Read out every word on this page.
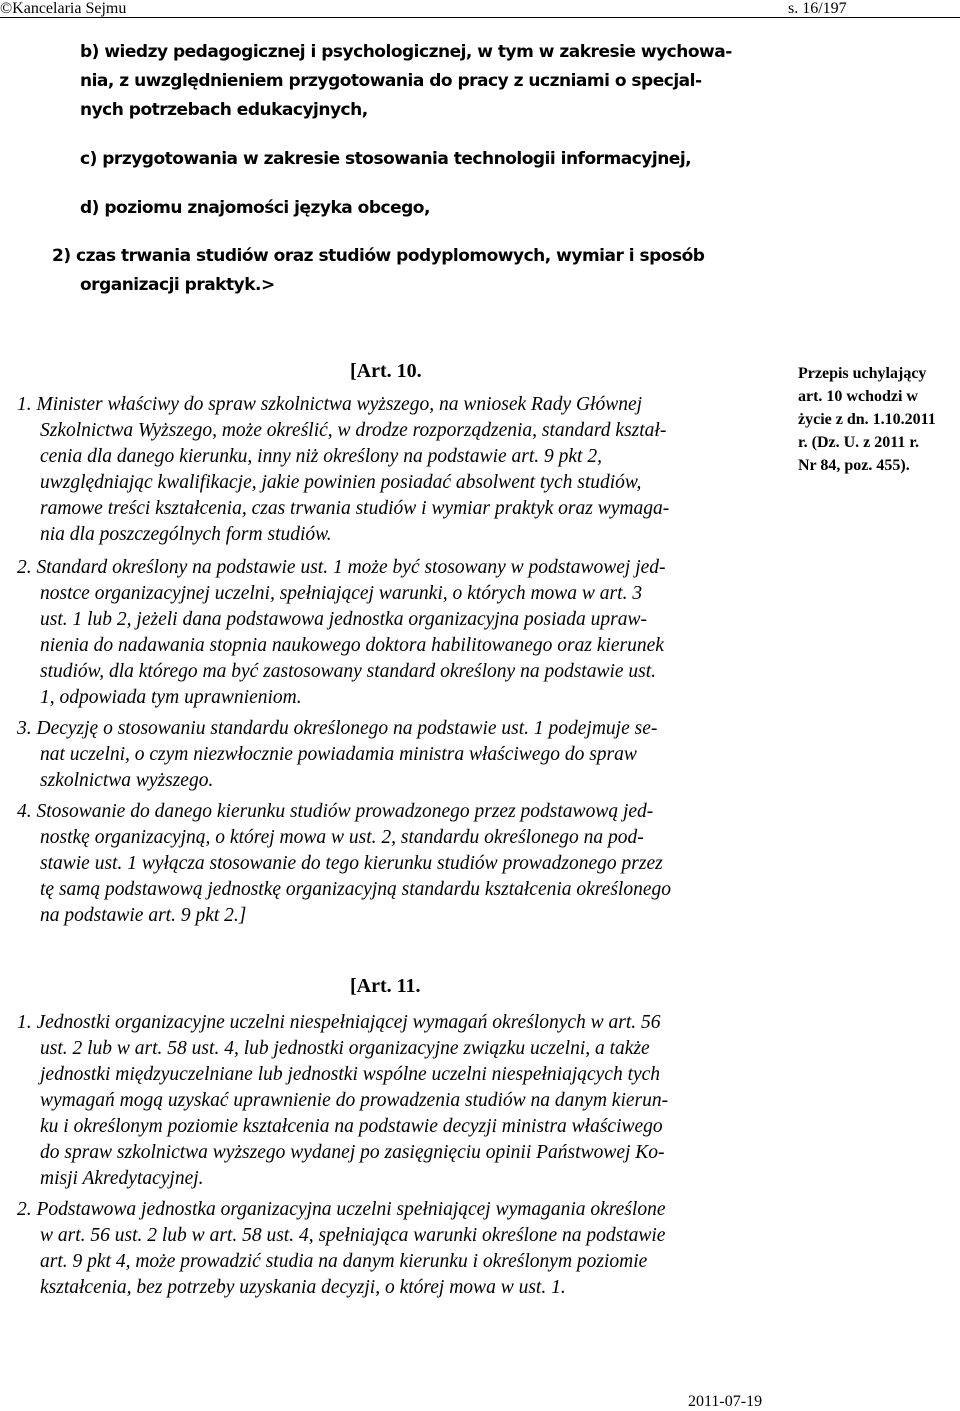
©Kancelaria Sejmu	s. 16/197
b) wiedzy pedagogicznej i psychologicznej, w tym w zakresie wychowa-
nia, z uwzględnieniem przygotowania do pracy z uczniami o specjal-
nych potrzebach edukacyjnych,
c) przygotowania w zakresie stosowania technologii informacyjnej,
d) poziomu znajomości języka obcego,
2) czas trwania studiów oraz studiów podyplomowych, wymiar i sposób
organizacji praktyk.>
[Art. 10.
1. Minister właściwy do spraw szkolnictwa wyższego, na wniosek Rady Głównej
Szkolnictwa Wyższego, może określić, w drodze rozporządzenia, standard kształ-
cenia dla danego kierunku, inny niż określony na podstawie art. 9 pkt 2,
uwzględniając kwalifikacje, jakie powinien posiadać absolwent tych studiów,
ramowe treści kształcenia, czas trwania studiów i wymiar praktyk oraz wymaga-
nia dla poszczególnych form studiów.
2. Standard określony na podstawie ust. 1 może być stosowany w podstawowej jed-
nostce organizacyjnej uczelni, spełniającej warunki, o których mowa w art. 3
ust. 1 lub 2, jeżeli dana podstawowa jednostka organizacyjna posiada upraw-
nienia do nadawania stopnia naukowego doktora habilitowanego oraz kierunek
studiów, dla którego ma być zastosowany standard określony na podstawie ust.
1, odpowiada tym uprawnieniom.
3. Decyzję o stosowaniu standardu określonego na podstawie ust. 1 podejmuje se-
nat uczelni, o czym niezwłocznie powiadamia ministra właściwego do spraw
szkolnictwa wyższego.
4. Stosowanie do danego kierunku studiów prowadzonego przez podstawową jed-
nostkę organizacyjną, o której mowa w ust. 2, standardu określonego na pod-
stawie ust. 1 wyłącza stosowanie do tego kierunku studiów prowadzonego przez
tę samą podstawową jednostkę organizacyjną standardu kształcenia określonego
na podstawie art. 9 pkt 2.]
Przepis uchylający
art. 10 wchodzi w
życie z dn. 1.10.2011
r. (Dz. U. z 2011 r.
Nr 84, poz. 455).
[Art. 11.
1. Jednostki organizacyjne uczelni niespełniającej wymagań określonych w art. 56
ust. 2 lub w art. 58 ust. 4, lub jednostki organizacyjne związku uczelni, a także
jednostki międzyuczelniane lub jednostki wspólne uczelni niespełniających tych
wymagań mogą uzyskać uprawnienie do prowadzenia studiów na danym kierun-
ku i określonym poziomie kształcenia na podstawie decyzji ministra właściwego
do spraw szkolnictwa wyższego wydanej po zasięgnięciu opinii Państwowej Ko-
misji Akredytacyjnej.
2. Podstawowa jednostka organizacyjna uczelni spełniającej wymagania określone
w art. 56 ust. 2 lub w art. 58 ust. 4, spełniająca warunki określone na podstawie
art. 9 pkt 4, może prowadzić studia na danym kierunku i określonym poziomie
kształcenia, bez potrzeby uzyskania decyzji, o której mowa w ust. 1.
2011-07-19
